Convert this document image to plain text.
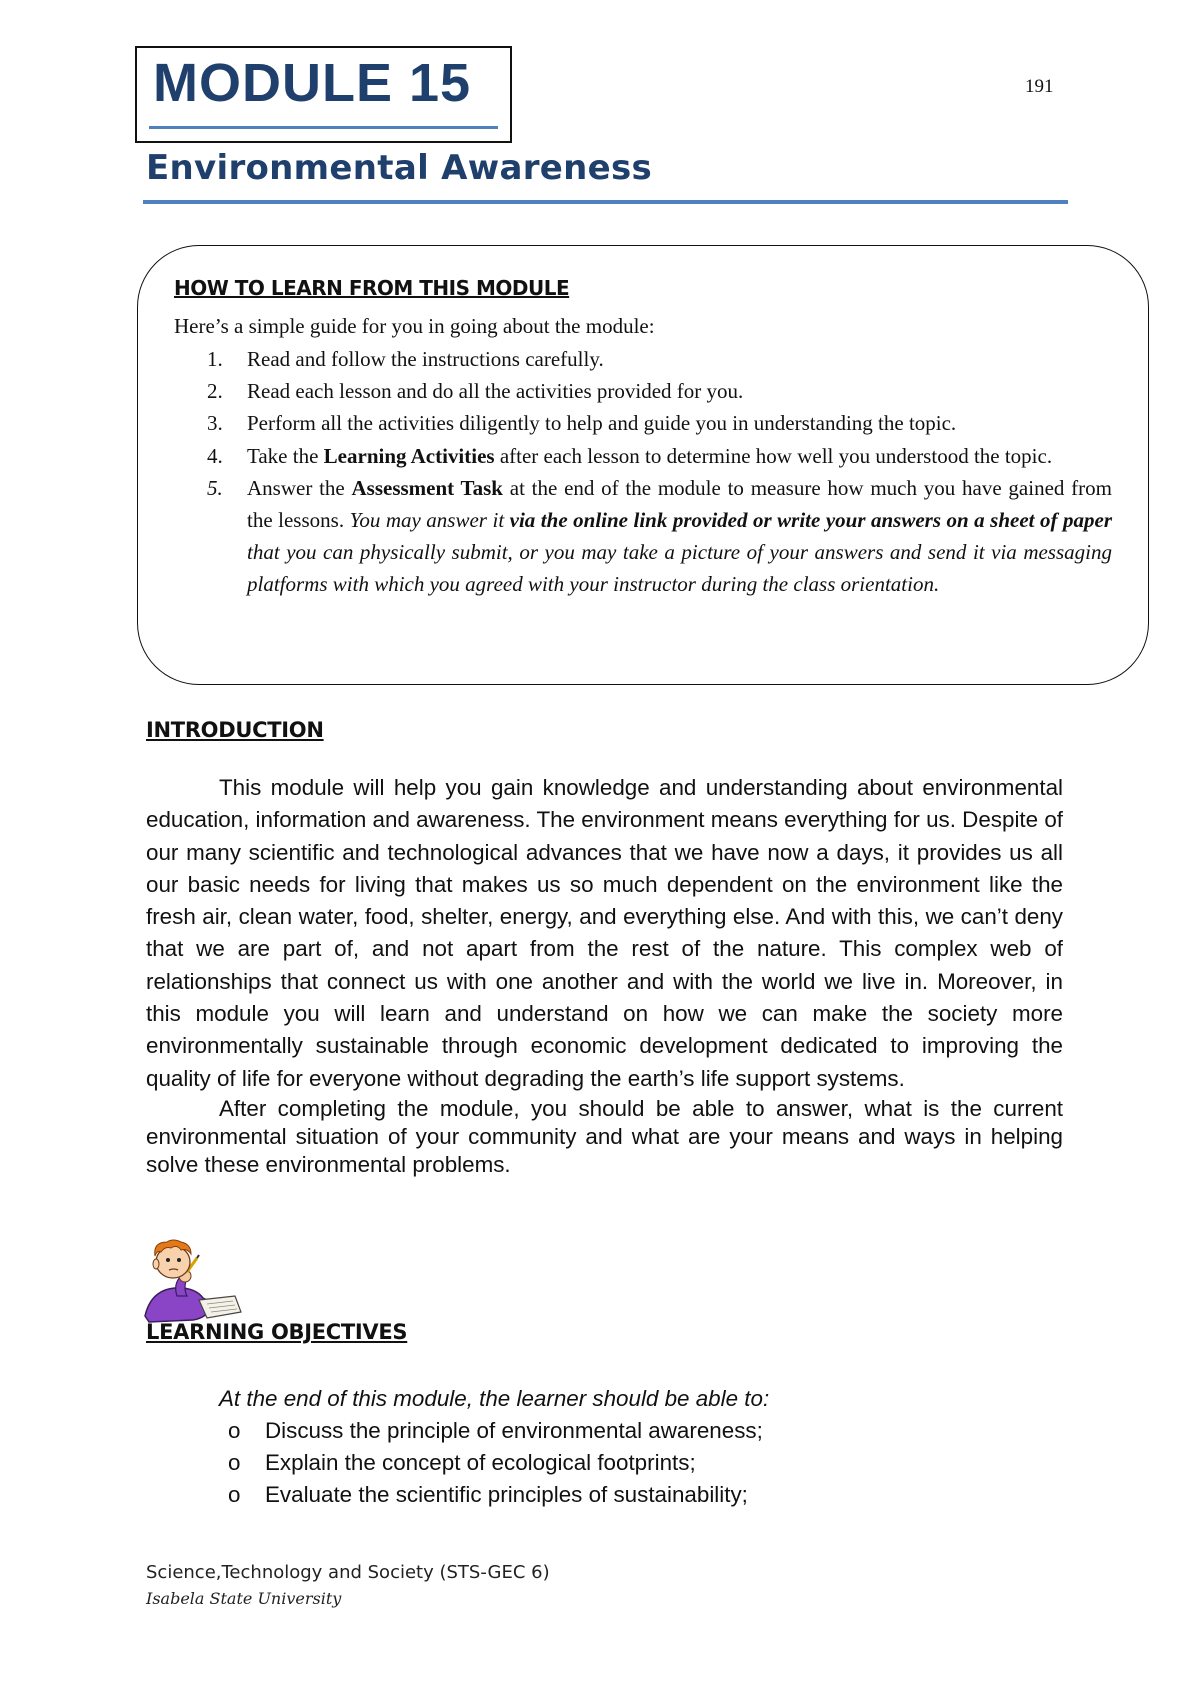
191
MODULE 15
Environmental Awareness
HOW TO LEARN FROM THIS MODULE
Here’s a simple guide for you in going about the module:
1. Read and follow the instructions carefully.
2. Read each lesson and do all the activities provided for you.
3. Perform all the activities diligently to help and guide you in understanding the topic.
4. Take the Learning Activities after each lesson to determine how well you understood the topic.
5. Answer the Assessment Task at the end of the module to measure how much you have gained from the lessons. You may answer it via the online link provided or write your answers on a sheet of paper that you can physically submit, or you may take a picture of your answers and send it via messaging platforms with which you agreed with your instructor during the class orientation.
INTRODUCTION

This module will help you gain knowledge and understanding about environmental education, information and awareness. The environment means everything for us. Despite of our many scientific and technological advances that we have now a days, it provides us all our basic needs for living that makes us so much dependent on the environment like the fresh air, clean water, food, shelter, energy, and everything else. And with this, we can’t deny that we are part of, and not apart from the rest of the nature. This complex web of relationships that connect us with one another and with the world we live in. Moreover, in this module you will learn and understand on how we can make the society more environmentally sustainable through economic development dedicated to improving the quality of life for everyone without degrading the earth’s life support systems.

After completing the module, you should be able to answer, what is the current environmental situation of your community and what are your means and ways in helping solve these environmental problems.

LEARNING OBJECTIVES
At the end of this module, the learner should be able to:
o Discuss the principle of environmental awareness;
o Explain the concept of ecological footprints;
o Evaluate the scientific principles of sustainability;
Science,Technology and Society (STS-GEC 6)
Isabela State University
